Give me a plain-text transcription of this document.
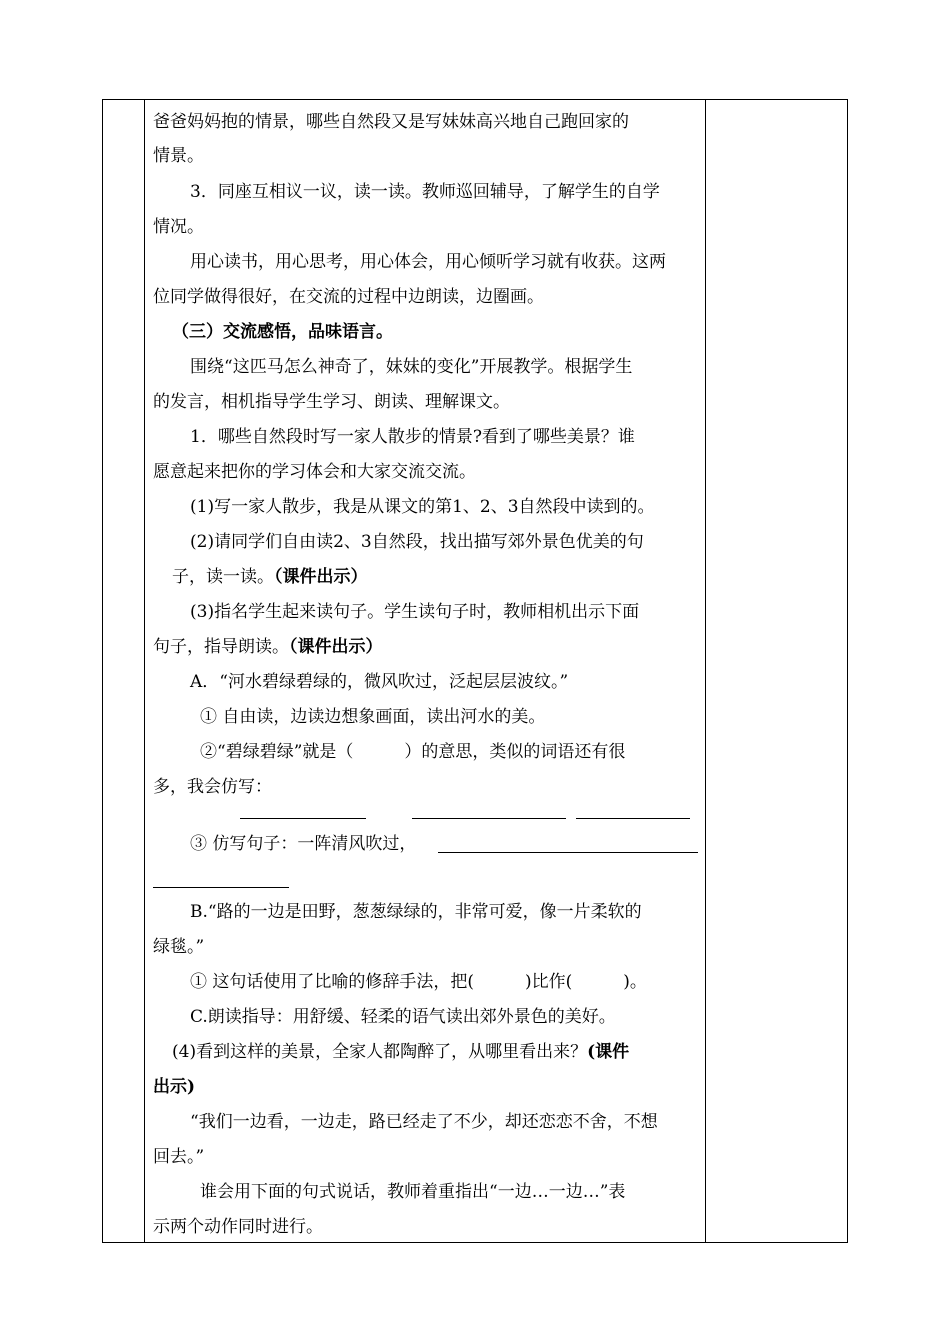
爸爸妈妈抱的情景，哪些自然段又是写妹妹高兴地自己跑回家的
情景。
3．同座互相议一议，读一读。教师巡回辅导，了解学生的自学
情况。
用心读书，用心思考，用心体会，用心倾听学习就有收获。这两
位同学做得很好，在交流的过程中边朗读，边圈画。
（三）交流感悟，品味语言。
围绕“这匹马怎么神奇了，妹妹的变化”开展教学。根据学生
的发言，相机指导学生学习、朗读、理解课文。
1．哪些自然段时写一家人散步的情景?看到了哪些美景？谁
愿意起来把你的学习体会和大家交流交流。
(1)写一家人散步，我是从课文的第1、2、3自然段中读到的。
(2)请同学们自由读2、3自然段，找出描写郊外景色优美的句
子，读一读。（课件出示）
(3)指名学生起来读句子。学生读句子时，教师相机出示下面
句子，指导朗读。（课件出示）
A．“河水碧绿碧绿的，微风吹过，泛起层层波纹。”
① 自由读，边读边想象画面，读出河水的美。
②“碧绿碧绿”就是（　　　）的意思，类似的词语还有很
多，我会仿写：
③ 仿写句子：一阵清风吹过，
B.“路的一边是田野，葱葱绿绿的，非常可爱，像一片柔软的
绿毯。”
① 这句话使用了比喻的修辞手法，把(　　　)比作(　　　)。
C.朗读指导：用舒缓、轻柔的语气读出郊外景色的美好。
(4)看到这样的美景，全家人都陶醉了，从哪里看出来？(课件
出示)
“我们一边看，一边走，路已经走了不少，却还恋恋不舍，不想
回去。”
谁会用下面的句式说话，教师着重指出“一边…一边…”表
示两个动作同时进行。
